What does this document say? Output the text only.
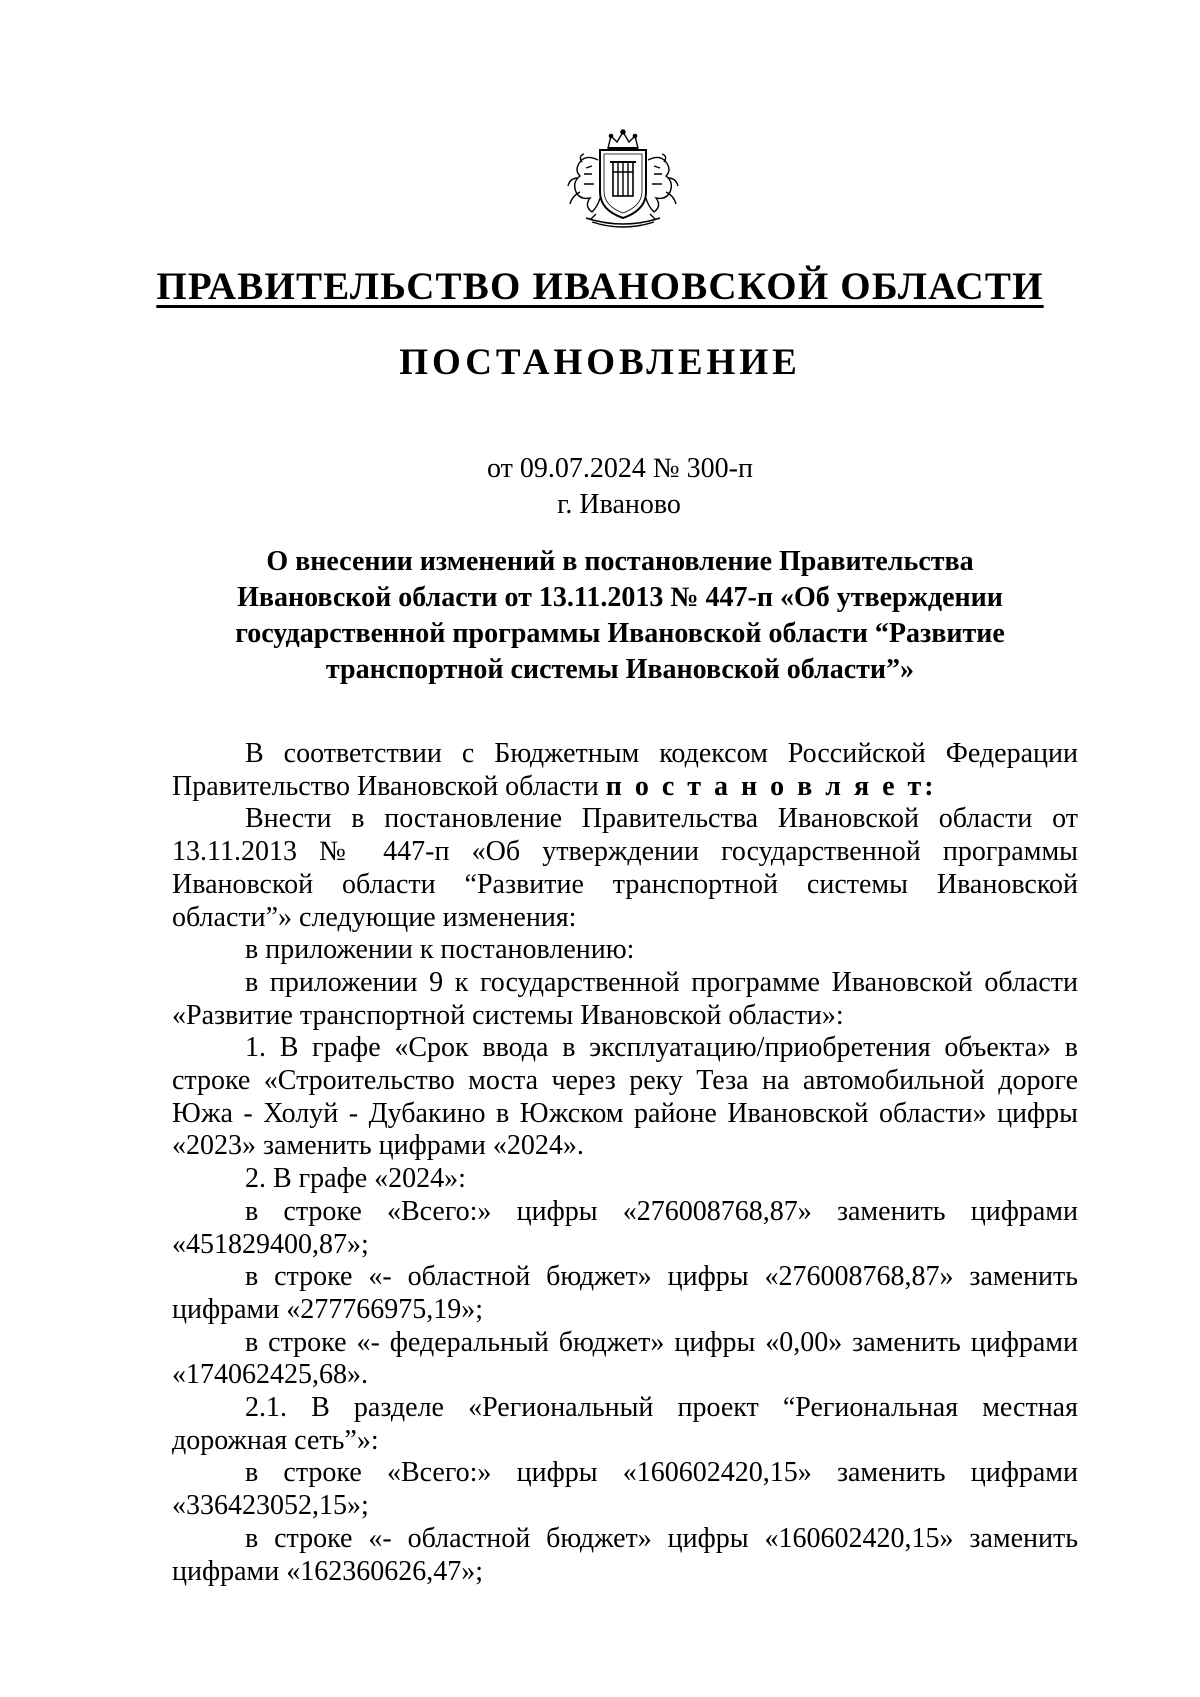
ПРАВИТЕЛЬСТВО ИВАНОВСКОЙ ОБЛАСТИ
ПОСТАНОВЛЕНИЕ
от 09.07.2024 № 300-п
г. Иваново
О внесении изменений в постановление Правительства
Ивановской области от 13.11.2013 № 447-п «Об утверждении
государственной программы Ивановской области “Развитие
транспортной системы Ивановской области”»

В соответствии с Бюджетным кодексом Российской Федерации Правительство Ивановской области п о с т а н о в л я е т:

Внести в постановление Правительства Ивановской области от 13.11.2013 № 447-п «Об утверждении государственной программы Ивановской области “Развитие транспортной системы Ивановской области”» следующие изменения:

в приложении к постановлению:

в приложении 9 к государственной программе Ивановской области «Развитие транспортной системы Ивановской области»:

1. В графе «Срок ввода в эксплуатацию/приобретения объекта» в строке «Строительство моста через реку Теза на автомобильной дороге Южа - Холуй - Дубакино в Южском районе Ивановской области» цифры «2023» заменить цифрами «2024».

2. В графе «2024»:

в строке «Всего:» цифры «276008768,87» заменить цифрами «451829400,87»;

в строке «- областной бюджет» цифры «276008768,87» заменить цифрами «277766975,19»;

в строке «- федеральный бюджет» цифры «0,00» заменить цифрами «174062425,68».

2.1. В разделе «Региональный проект “Региональная местная дорожная сеть”»:

в строке «Всего:» цифры «160602420,15» заменить цифрами «336423052,15»;

в строке «- областной бюджет» цифры «160602420,15» заменить цифрами «162360626,47»;
